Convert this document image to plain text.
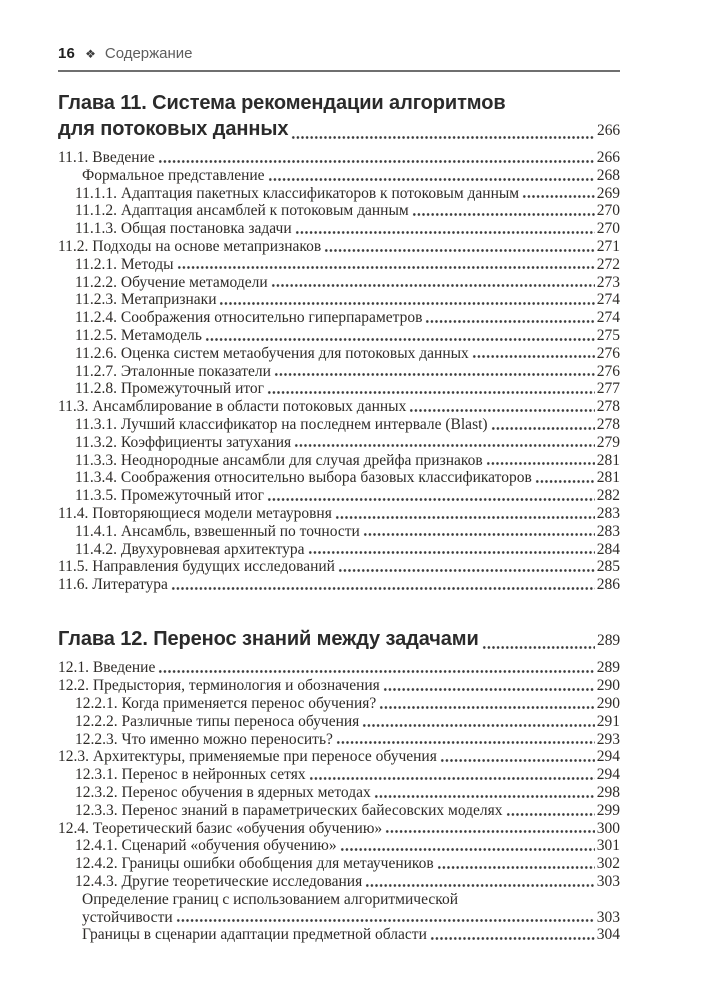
16 ❖ Содержание
Глава 11. Система рекомендации алгоритмов
для потоковых данных	266
11.1. Введение	266
Формальное представление	268
11.1.1. Адаптация пакетных классификаторов к потоковым данным	269
11.1.2. Адаптация ансамблей к потоковым данным	270
11.1.3. Общая постановка задачи	270
11.2. Подходы на основе метапризнаков	271
11.2.1. Методы	272
11.2.2. Обучение метамодели	273
11.2.3. Метапризнаки	274
11.2.4. Соображения относительно гиперпараметров	274
11.2.5. Метамодель	275
11.2.6. Оценка систем метаобучения для потоковых данных	276
11.2.7. Эталонные показатели	276
11.2.8. Промежуточный итог	277
11.3. Ансамблирование в области потоковых данных	278
11.3.1. Лучший классификатор на последнем интервале (Blast)	278
11.3.2. Коэффициенты затухания	279
11.3.3. Неоднородные ансамбли для случая дрейфа признаков	281
11.3.4. Соображения относительно выбора базовых классификаторов	281
11.3.5. Промежуточный итог	282
11.4. Повторяющиеся модели метауровня	283
11.4.1. Ансамбль, взвешенный по точности	283
11.4.2. Двухуровневая архитектура	284
11.5. Направления будущих исследований	285
11.6. Литература	286
Глава 12. Перенос знаний между задачами	289
12.1. Введение	289
12.2. Предыстория, терминология и обозначения	290
12.2.1. Когда применяется перенос обучения?	290
12.2.2. Различные типы переноса обучения	291
12.2.3. Что именно можно переносить?	293
12.3. Архитектуры, применяемые при переносе обучения	294
12.3.1. Перенос в нейронных сетях	294
12.3.2. Перенос обучения в ядерных методах	298
12.3.3. Перенос знаний в параметрических байесовских моделях	299
12.4. Теоретический базис «обучения обучению»	300
12.4.1. Сценарий «обучения обучению»	301
12.4.2. Границы ошибки обобщения для метаучеников	302
12.4.3. Другие теоретические исследования	303
Определение границ с использованием алгоритмической
устойчивости	303
Границы в сценарии адаптации предметной области	304
